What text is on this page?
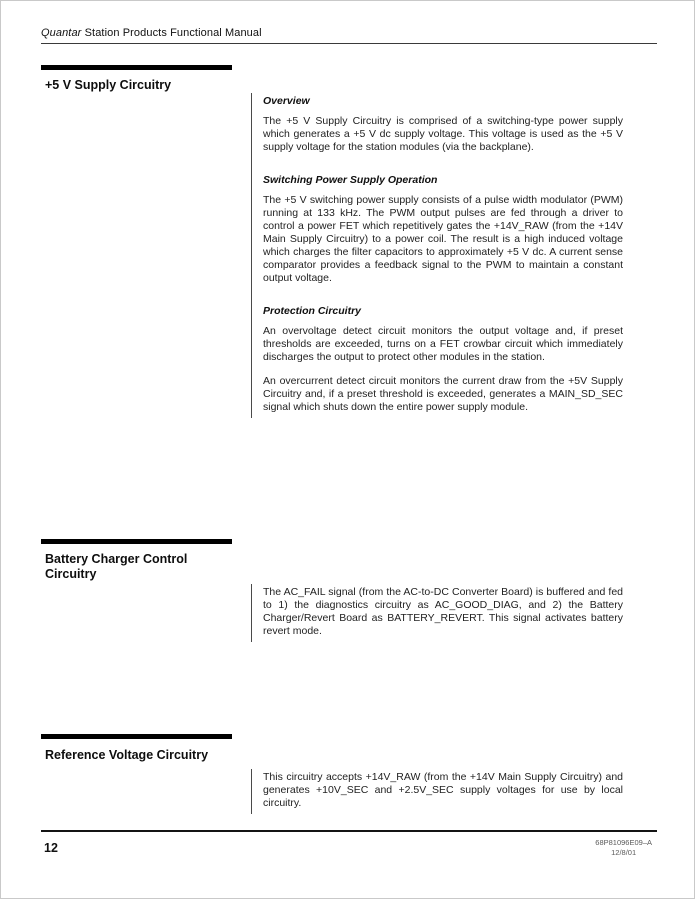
Quantar Station Products Functional Manual
+5 V Supply Circuitry
Overview

The +5 V Supply Circuitry is comprised of a switching-type power supply which generates a +5 V dc supply voltage. This voltage is used as the +5 V supply voltage for the station modules (via the backplane).

Switching Power Supply Operation

The +5 V switching power supply consists of a pulse width modulator (PWM) running at 133 kHz. The PWM output pulses are fed through a driver to control a power FET which repetitively gates the +14V_RAW (from the +14V Main Supply Circuitry) to a power coil. The result is a high induced voltage which charges the filter capacitors to approximately +5 V dc. A current sense comparator provides a feedback signal to the PWM to maintain a constant output voltage.

Protection Circuitry

An overvoltage detect circuit monitors the output voltage and, if preset thresholds are exceeded, turns on a FET crowbar circuit which immediately discharges the output to protect other modules in the station.

An overcurrent detect circuit monitors the current draw from the +5V Supply Circuitry and, if a preset threshold is exceeded, generates a MAIN_SD_SEC signal which shuts down the entire power supply module.

Battery Charger Control Circuitry

The AC_FAIL signal (from the AC-to-DC Converter Board) is buffered and fed to 1) the diagnostics circuitry as AC_GOOD_DIAG, and 2) the Battery Charger/Revert Board as BATTERY_REVERT. This signal activates battery revert mode.

Reference Voltage Circuitry

This circuitry accepts +14V_RAW (from the +14V Main Supply Circuitry) and generates +10V_SEC and +2.5V_SEC supply voltages for use by local circuitry.

12	68P81096E09–A
12/8/01
